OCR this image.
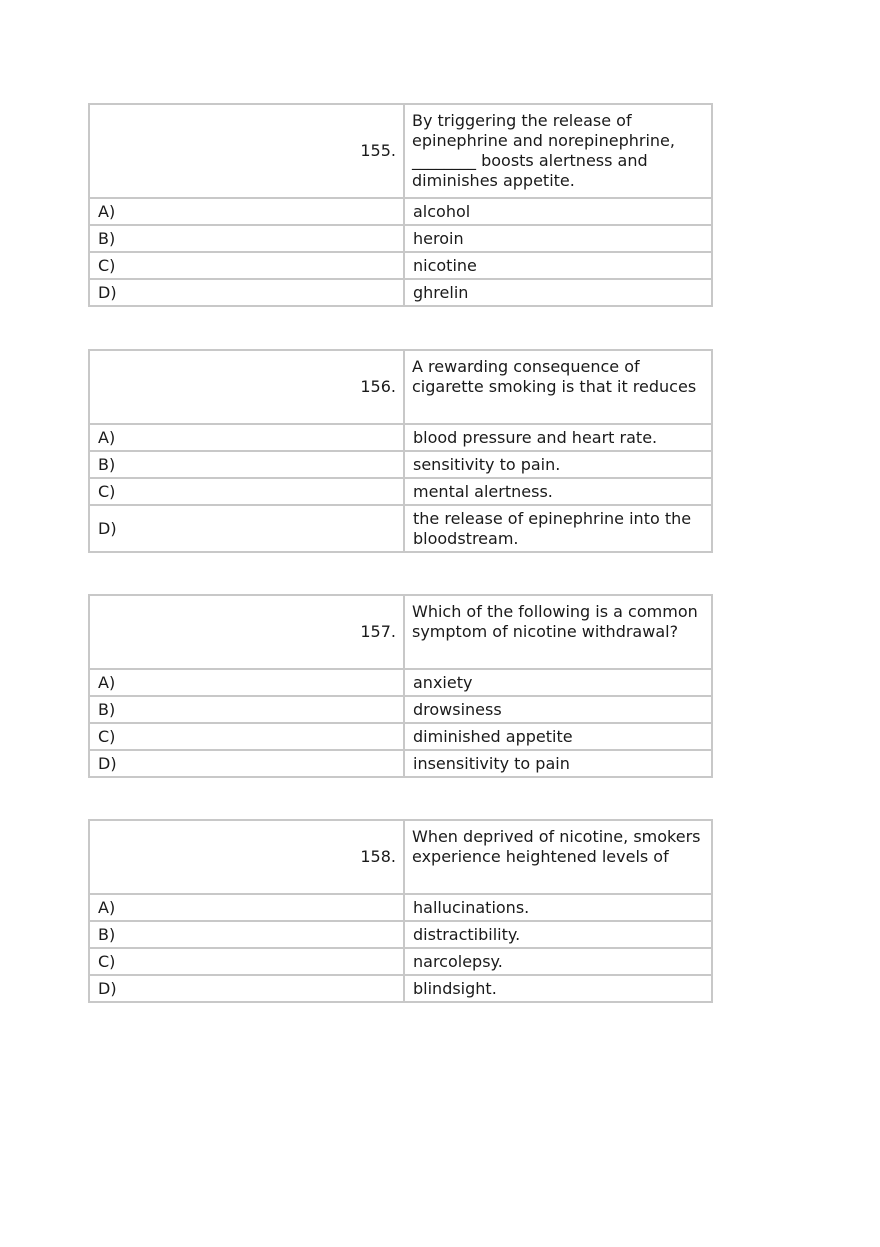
155.	By triggering the release of epinephrine and norepinephrine, ________ boosts alertness and diminishes appetite.
A)	alcohol
B)	heroin
C)	nicotine
D)	ghrelin
156.	A rewarding consequence of cigarette smoking is that it reduces
A)	blood pressure and heart rate.
B)	sensitivity to pain.
C)	mental alertness.
D)	the release of epinephrine into the bloodstream.
157.	Which of the following is a common symptom of nicotine withdrawal?
A)	anxiety
B)	drowsiness
C)	diminished appetite
D)	insensitivity to pain
158.	When deprived of nicotine, smokers experience heightened levels of
A)	hallucinations.
B)	distractibility.
C)	narcolepsy.
D)	blindsight.
